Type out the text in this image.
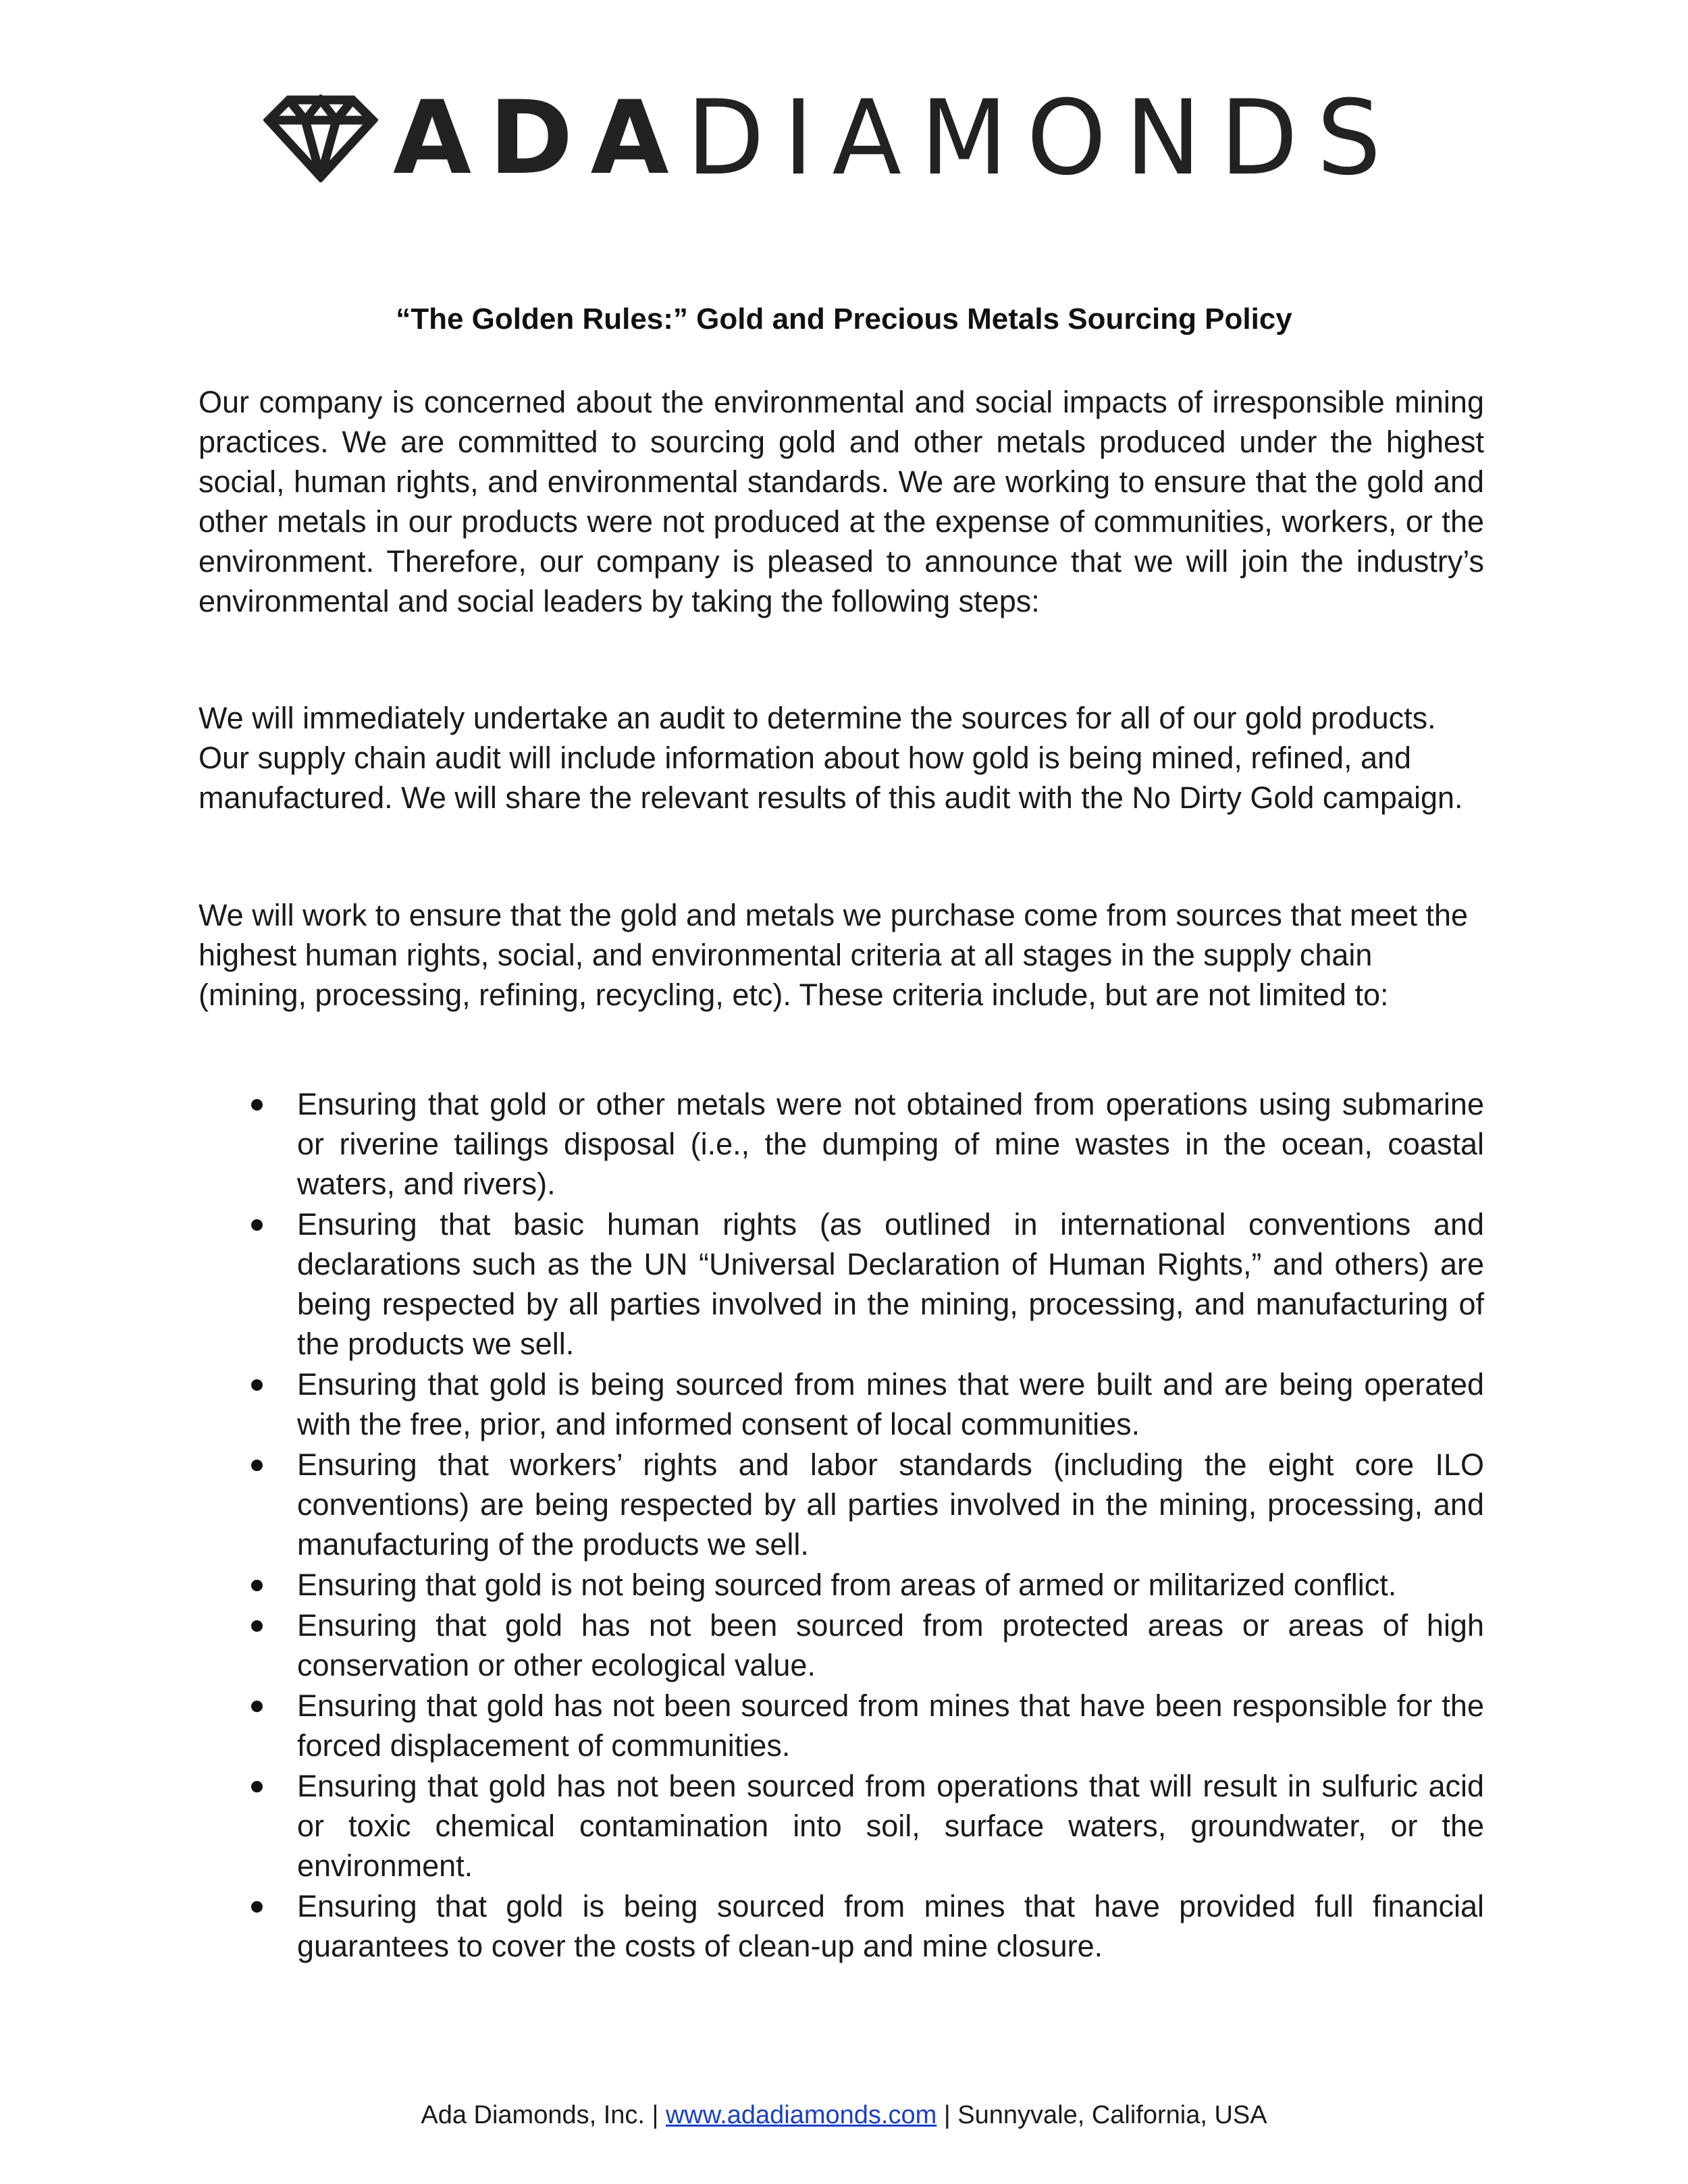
ADA DIAMONDS
“The Golden Rules:” Gold and Precious Metals Sourcing Policy

Our company is concerned about the environmental and social impacts of irresponsible mining practices. We are committed to sourcing gold and other metals produced under the highest social, human rights, and environmental standards. We are working to ensure that the gold and other metals in our products were not produced at the expense of communities, workers, or the environment. Therefore, our company is pleased to announce that we will join the industry’s environmental and social leaders by taking the following steps:

We will immediately undertake an audit to determine the sources for all of our gold products. Our supply chain audit will include information about how gold is being mined, refined, and manufactured. We will share the relevant results of this audit with the No Dirty Gold campaign.

We will work to ensure that the gold and metals we purchase come from sources that meet the highest human rights, social, and environmental criteria at all stages in the supply chain (mining, processing, refining, recycling, etc). These criteria include, but are not limited to:

Ensuring that gold or other metals were not obtained from operations using submarine or riverine tailings disposal (i.e., the dumping of mine wastes in the ocean, coastal waters, and rivers).
Ensuring that basic human rights (as outlined in international conventions and declarations such as the UN “Universal Declaration of Human Rights,” and others) are being respected by all parties involved in the mining, processing, and manufacturing of the products we sell.
Ensuring that gold is being sourced from mines that were built and are being operated with the free, prior, and informed consent of local communities.
Ensuring that workers’ rights and labor standards (including the eight core ILO conventions) are being respected by all parties involved in the mining, processing, and manufacturing of the products we sell.
Ensuring that gold is not being sourced from areas of armed or militarized conflict.
Ensuring that gold has not been sourced from protected areas or areas of high conservation or other ecological value.
Ensuring that gold has not been sourced from mines that have been responsible for the forced displacement of communities.
Ensuring that gold has not been sourced from operations that will result in sulfuric acid or toxic chemical contamination into soil, surface waters, groundwater, or the environment.
Ensuring that gold is being sourced from mines that have provided full financial guarantees to cover the costs of clean-up and mine closure.
Ada Diamonds, Inc. | www.adadiamonds.com | Sunnyvale, California, USA
